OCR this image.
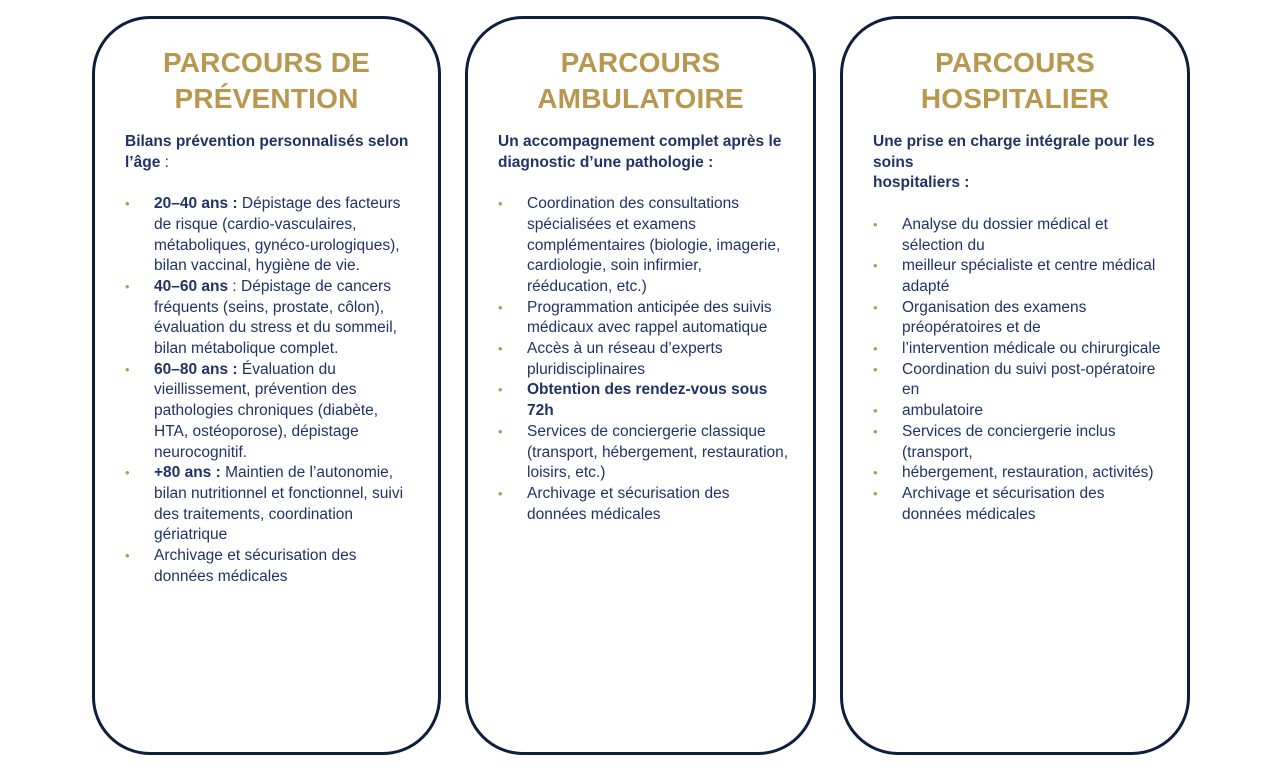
PARCOURS DE
PRÉVENTION

Bilans prévention personnalisés selon l’âge :

• 20–40 ans : Dépistage des facteurs de risque (cardio-vasculaires, métaboliques, gynéco-urologiques), bilan vaccinal, hygiène de vie.
• 40–60 ans : Dépistage de cancers fréquents (seins, prostate, côlon), évaluation du stress et du sommeil, bilan métabolique complet.
• 60–80 ans : Évaluation du vieillissement, prévention des pathologies chroniques (diabète, HTA, ostéoporose), dépistage neurocognitif.
• +80 ans : Maintien de l’autonomie, bilan nutritionnel et fonctionnel, suivi des traitements, coordination gériatrique
• Archivage et sécurisation des données médicales
PARCOURS
AMBULATOIRE

Un accompagnement complet après le diagnostic d’une pathologie :

• Coordination des consultations spécialisées et examens complémentaires (biologie, imagerie, cardiologie, soin infirmier, rééducation, etc.)
• Programmation anticipée des suivis médicaux avec rappel automatique
• Accès à un réseau d’experts pluridisciplinaires
• Obtention des rendez-vous sous 72h
• Services de conciergerie classique (transport, hébergement, restauration, loisirs, etc.)
• Archivage et sécurisation des données médicales
PARCOURS
HOSPITALIER

Une prise en charge intégrale pour les soins
hospitaliers :

• Analyse du dossier médical et sélection du
• meilleur spécialiste et centre médical adapté
• Organisation des examens préopératoires et de
• l’intervention médicale ou chirurgicale
• Coordination du suivi post-opératoire en
• ambulatoire
• Services de conciergerie inclus (transport,
• hébergement, restauration, activités)
• Archivage et sécurisation des données médicales
